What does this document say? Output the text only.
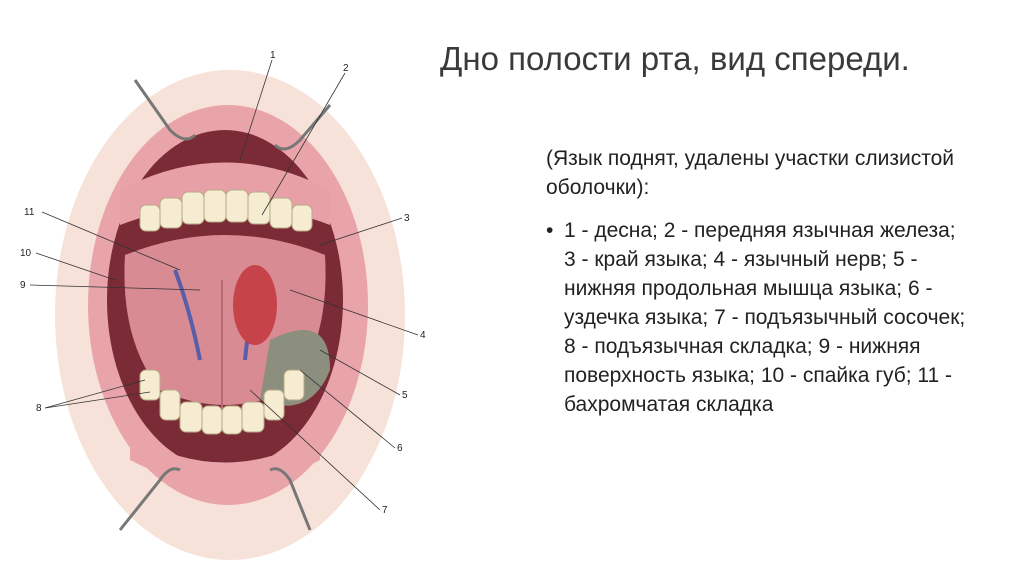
Дно полости рта, вид спереди.

(Язык поднят, удалены участки слизистой оболочки):

• 1 - десна; 2 - передняя язычная железа; 3 - край языка; 4 - язычный нерв; 5 - нижняя продольная мышца языка; 6 - уздечка языка; 7 - подъязычный сосочек; 8 - подъязычная складка; 9 - нижняя поверхность языка; 10 - спайка губ; 11 - бахромчатая складка
1
2
3
4
5
6
7
8
9
10
11
